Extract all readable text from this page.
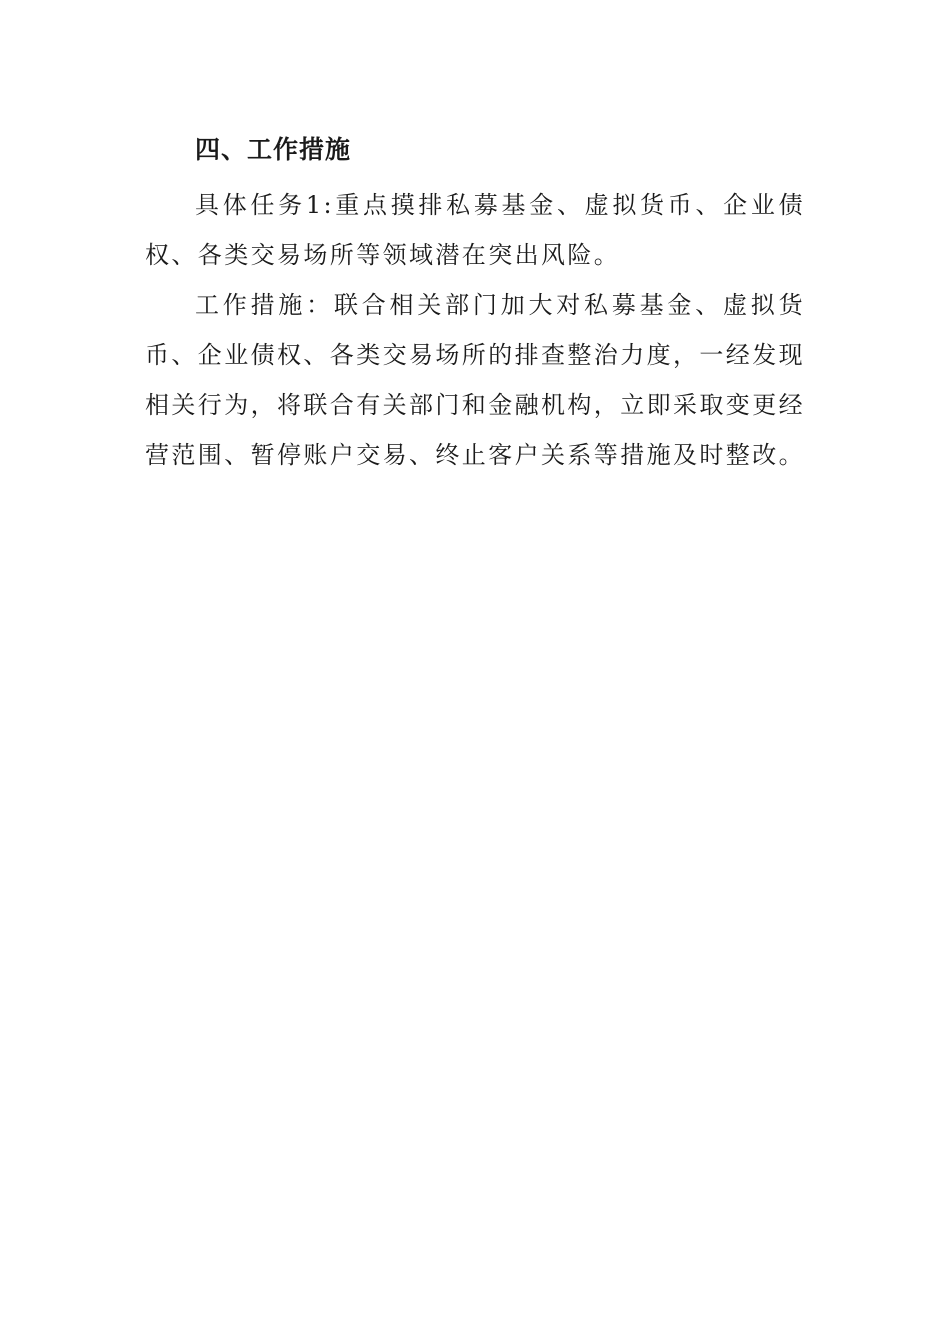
四、工作措施

具体任务1:重点摸排私募基金、虚拟货币、企业债权、各类交易场所等领域潜在突出风险。

工作措施：联合相关部门加大对私募基金、虚拟货币、企业债权、各类交易场所的排查整治力度，一经发现相关行为，将联合有关部门和金融机构，立即采取变更经营范围、暂停账户交易、终止客户关系等措施及时整改。
